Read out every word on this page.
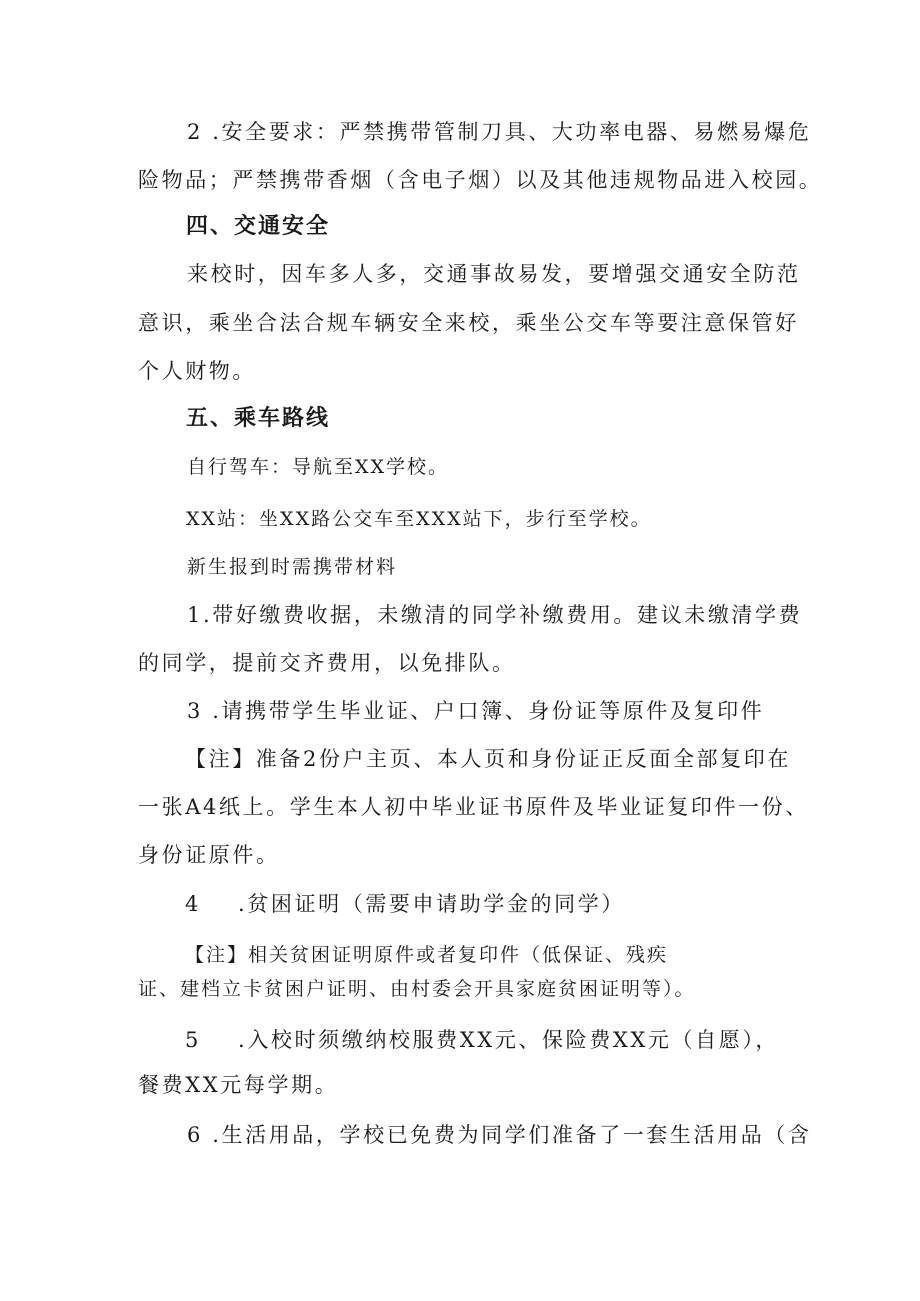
2 .安全要求：严禁携带管制刀具、大功率电器、易燃易爆危
险物品；严禁携带香烟（含电子烟）以及其他违规物品进入校园。
四、交通安全
来校时，因车多人多，交通事故易发，要增强交通安全防范
意识，乘坐合法合规车辆安全来校，乘坐公交车等要注意保管好
个人财物。
五、乘车路线
自行驾车：导航至XX学校。
XX站：坐XX路公交车至XXX站下，步行至学校。
新生报到时需携带材料
1.带好缴费收据，未缴清的同学补缴费用。建议未缴清学费
的同学，提前交齐费用，以免排队。
3 .请携带学生毕业证、户口簿、身份证等原件及复印件
【注】准备2份户主页、本人页和身份证正反面全部复印在
一张A4纸上。学生本人初中毕业证书原件及毕业证复印件一份、
身份证原件。
4    .贫困证明（需要申请助学金的同学）
【注】相关贫困证明原件或者复印件（低保证、残疾
证、建档立卡贫困户证明、由村委会开具家庭贫困证明等）。
5    .入校时须缴纳校服费XX元、保险费XX元（自愿），
餐费XX元每学期。
6 .生活用品，学校已免费为同学们准备了一套生活用品（含
